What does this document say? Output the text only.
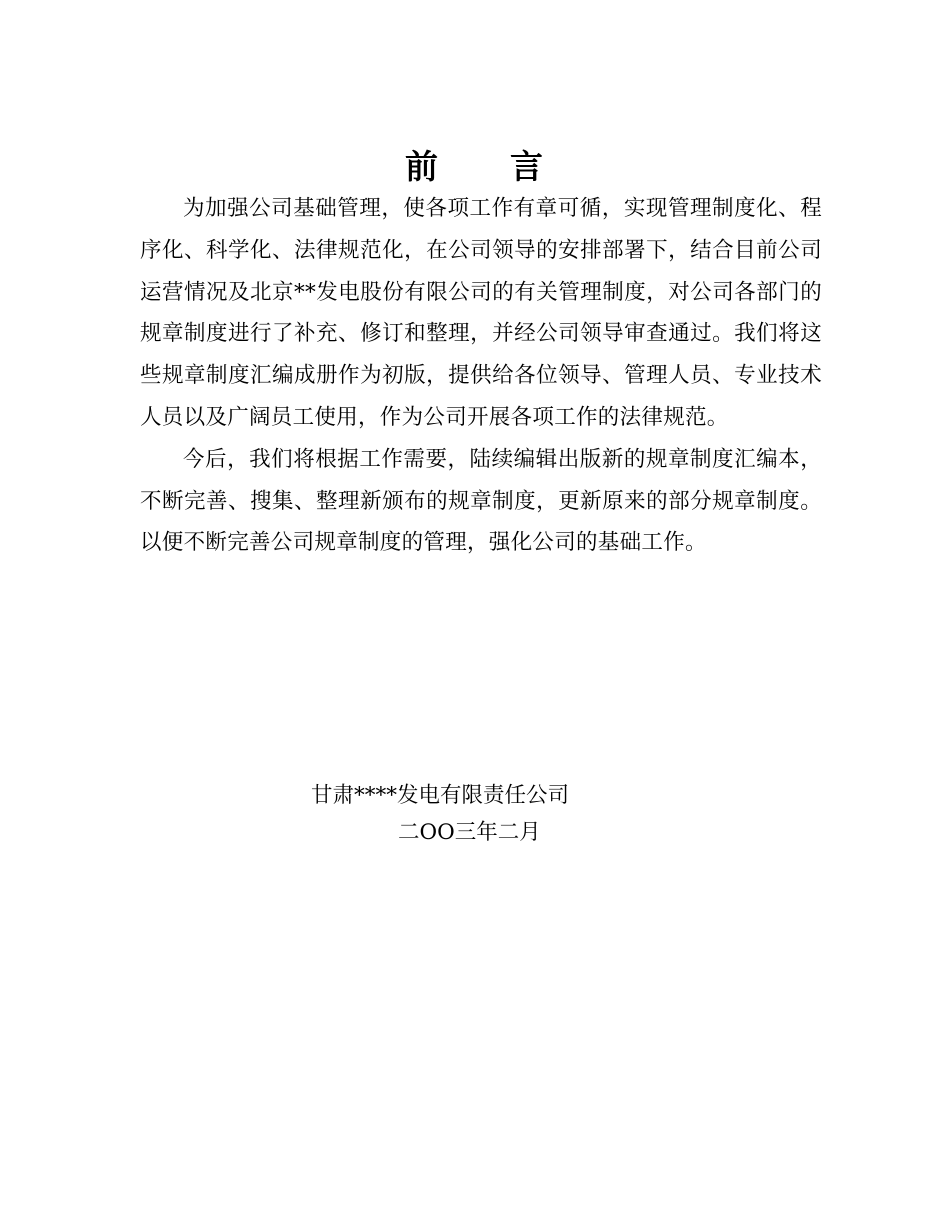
前　　言

为加强公司基础管理，使各项工作有章可循，实现管理制度化、程序化、科学化、法律规范化，在公司领导的安排部署下，结合目前公司运营情况及北京**发电股份有限公司的有关管理制度，对公司各部门的规章制度进行了补充、修订和整理，并经公司领导审查通过。我们将这些规章制度汇编成册作为初版，提供给各位领导、管理人员、专业技术人员以及广阔员工使用，作为公司开展各项工作的法律规范。

今后，我们将根据工作需要，陆续编辑出版新的规章制度汇编本，不断完善、搜集、整理新颁布的规章制度，更新原来的部分规章制度。以便不断完善公司规章制度的管理，强化公司的基础工作。

甘肃****发电有限责任公司
二OO三年二月
